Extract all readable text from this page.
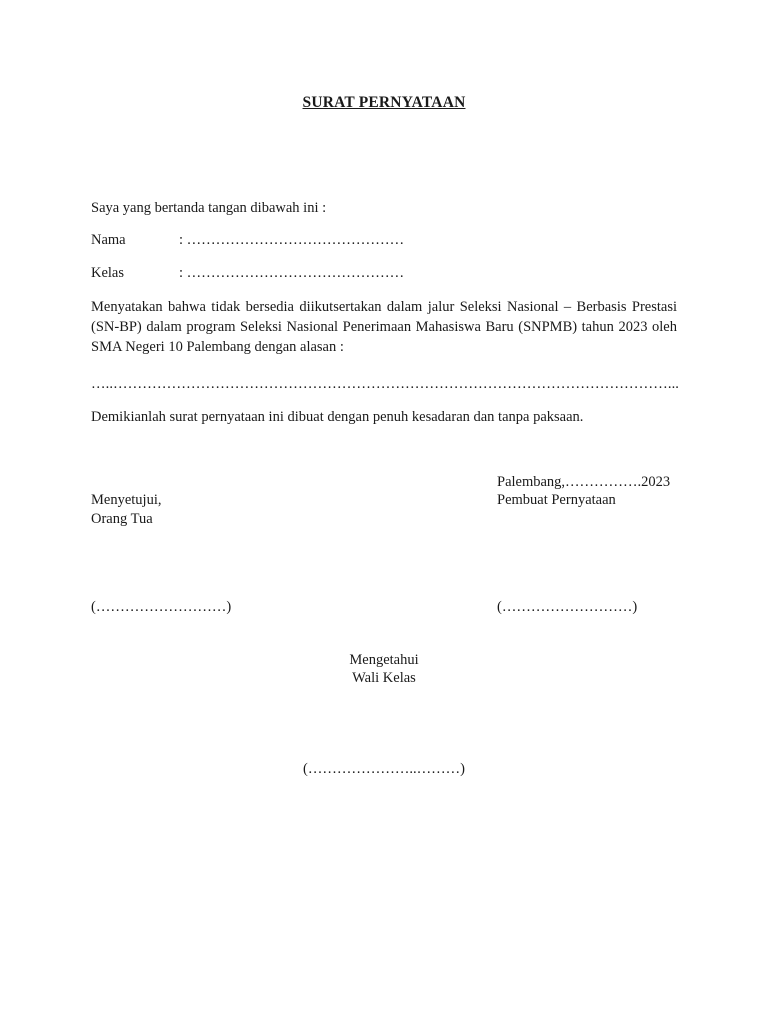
SURAT PERNYATAAN
Saya yang bertanda tangan dibawah ini :
Nama	: ………………………………………
Kelas	: ………………………………………
Menyatakan bahwa tidak bersedia diikutsertakan dalam jalur Seleksi Nasional – Berbasis Prestasi (SN-BP) dalam program Seleksi Nasional Penerimaan Mahasiswa Baru (SNPMB) tahun 2023 oleh SMA Negeri 10 Palembang dengan alasan :
…..……………………………………………………………………………………………………...
Demikianlah surat pernyataan ini dibuat dengan penuh kesadaran dan tanpa paksaan.
Palembang,…………….2023
Menyetujui,
Orang Tua
Pembuat Pernyataan
(………………………)	(………………………)
Mengetahui
Wali Kelas
(…………………..………)
